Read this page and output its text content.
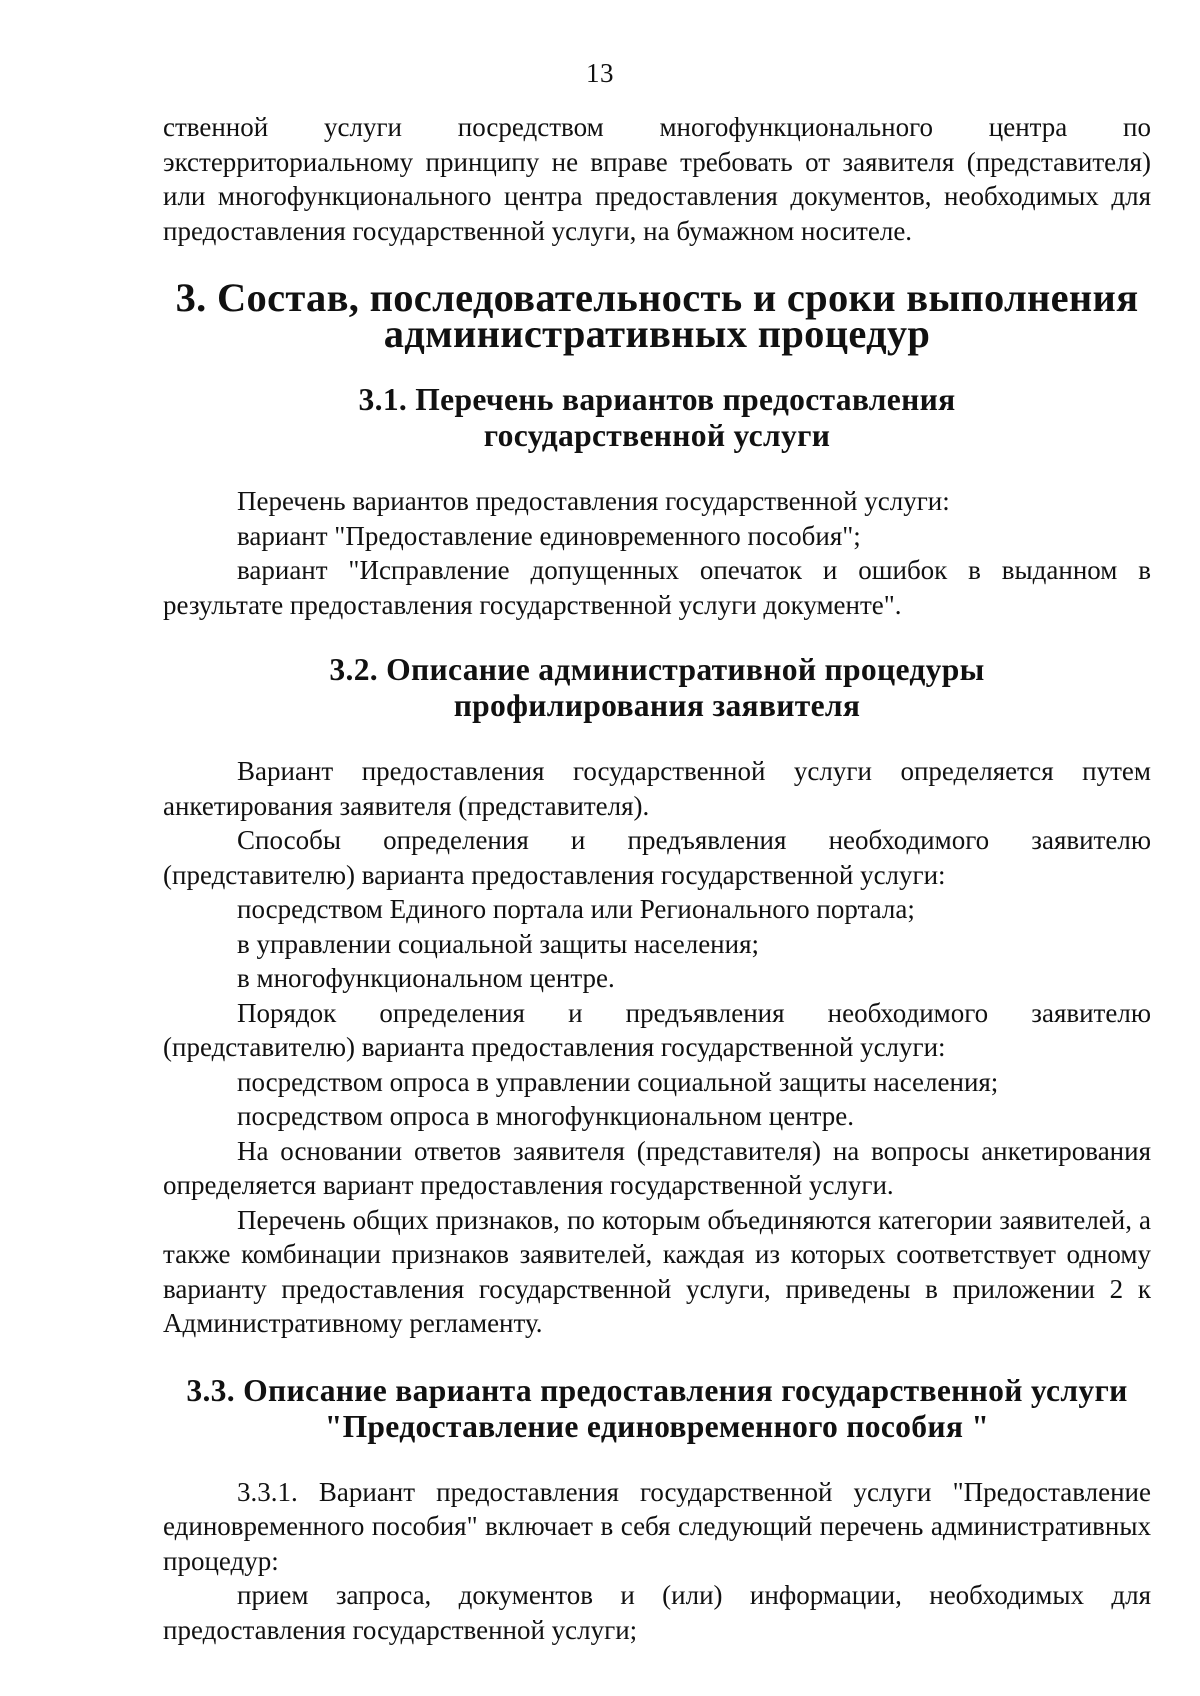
13

ственной услуги посредством многофункционального центра по экстерриториальному принципу не вправе требовать от заявителя (представителя) или многофункционального центра предоставления документов, необходимых для предоставления государственной услуги, на бумажном носителе.

3. Состав, последовательность и сроки выполнения
административных процедур
3.1. Перечень вариантов предоставления
государственной услуги

Перечень вариантов предоставления государственной услуги:

вариант "Предоставление единовременного пособия";

вариант "Исправление допущенных опечаток и ошибок в выданном в результате предоставления государственной услуги документе".

3.2. Описание административной процедуры
профилирования заявителя

Вариант предоставления государственной услуги определяется путем анкетирования заявителя (представителя).

Способы определения и предъявления необходимого заявителю (представителю) варианта предоставления государственной услуги:

посредством Единого портала или Регионального портала;

в управлении социальной защиты населения;

в многофункциональном центре.

Порядок определения и предъявления необходимого заявителю (представителю) варианта предоставления государственной услуги:

посредством опроса в управлении социальной защиты населения;

посредством опроса в многофункциональном центре.

На основании ответов заявителя (представителя) на вопросы анкетирования определяется вариант предоставления государственной услуги.

Перечень общих признаков, по которым объединяются категории заявителей, а также комбинации признаков заявителей, каждая из которых соответствует одному варианту предоставления государственной услуги, приведены в приложении 2 к Административному регламенту.

3.3. Описание варианта предоставления государственной услуги
"Предоставление единовременного пособия "

3.3.1. Вариант предоставления государственной услуги "Предоставление единовременного пособия" включает в себя следующий перечень административных процедур:

прием запроса, документов и (или) информации, необходимых для предоставления государственной услуги;
